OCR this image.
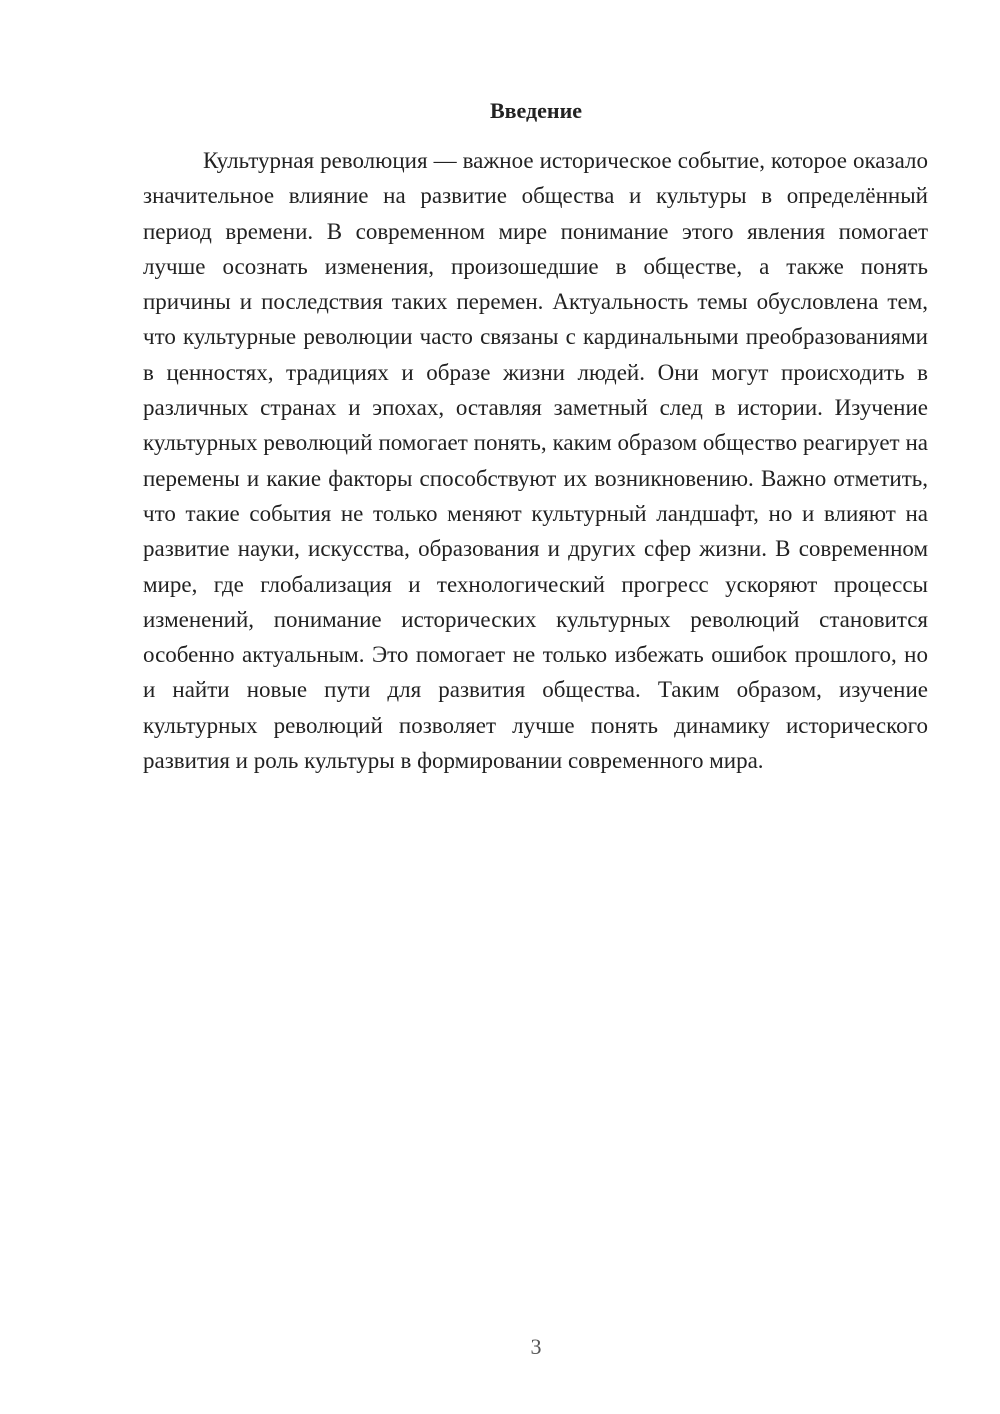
Введение

Культурная революция — важное историческое событие, которое оказало значительное влияние на развитие общества и культуры в определённый период времени. В современном мире понимание этого явления помогает лучше осознать изменения, произошедшие в обществе, а также понять причины и последствия таких перемен. Актуальность темы обусловлена тем, что культурные революции часто связаны с кардинальными преобразованиями в ценностях, традициях и образе жизни людей. Они могут происходить в различных странах и эпохах, оставляя заметный след в истории. Изучение культурных революций помогает понять, каким образом общество реагирует на перемены и какие факторы способствуют их возникновению. Важно отметить, что такие события не только меняют культурный ландшафт, но и влияют на развитие науки, искусства, образования и других сфер жизни. В современном мире, где глобализация и технологический прогресс ускоряют процессы изменений, понимание исторических культурных революций становится особенно актуальным. Это помогает не только избежать ошибок прошлого, но и найти новые пути для развития общества. Таким образом, изучение культурных революций позволяет лучше понять динамику исторического развития и роль культуры в формировании современного мира.

3
